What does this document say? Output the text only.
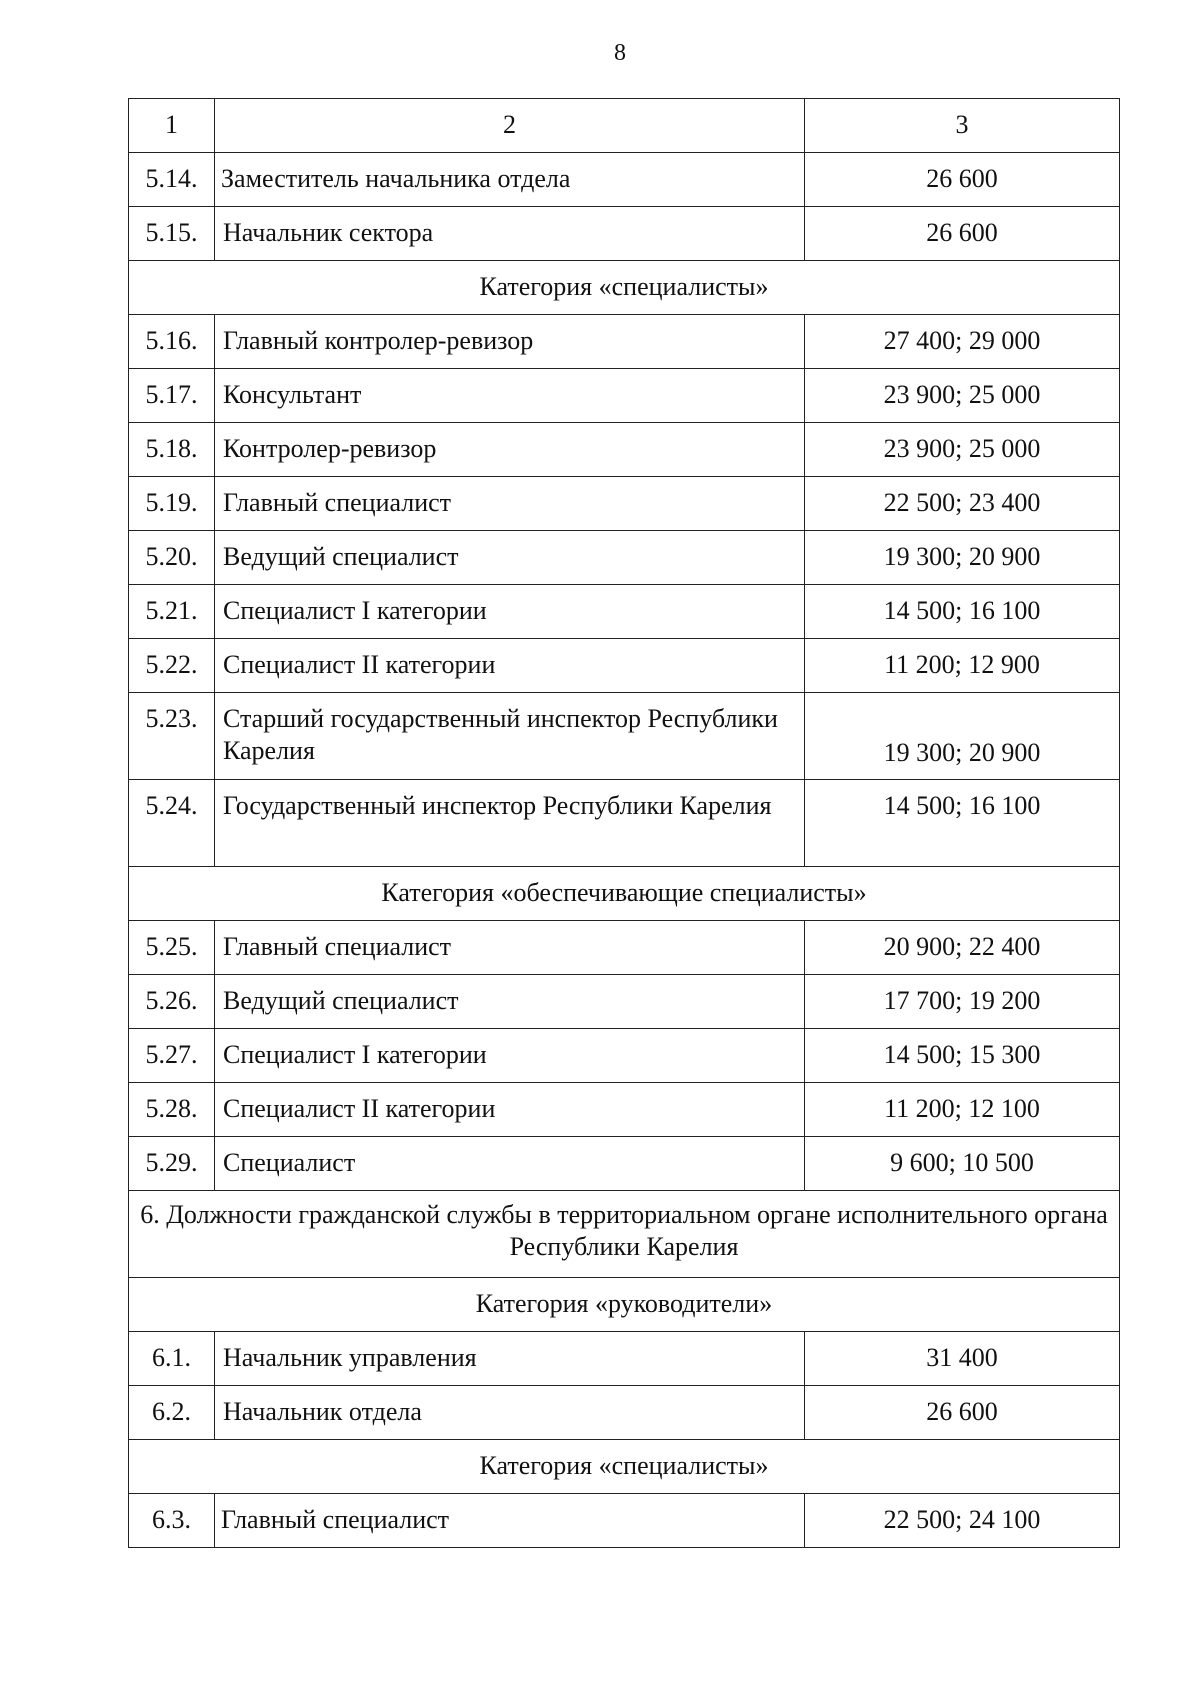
8
1	2	3
5.14.	Заместитель начальника отдела	26 600
5.15.	Начальник сектора	26 600
Категория «специалисты»		
5.16.	Главный контролер-ревизор	27 400; 29 000
5.17.	Консультант	23 900; 25 000
5.18.	Контролер-ревизор	23 900; 25 000
5.19.	Главный специалист	22 500; 23 400
5.20.	Ведущий специалист	19 300; 20 900
5.21.	Специалист I категории	14 500; 16 100
5.22.	Специалист II категории	11 200; 12 900
5.23.	Старший государственный инспектор Республики Карелия	19 300; 20 900
5.24.	Государственный инспектор Республики Карелия	14 500; 16 100
Категория «обеспечивающие специалисты»		
5.25.	Главный специалист	20 900; 22 400
5.26.	Ведущий специалист	17 700; 19 200
5.27.	Специалист I категории	14 500; 15 300
5.28.	Специалист II категории	11 200; 12 100
5.29.	Специалист	9 600; 10 500
6. Должности гражданской службы в территориальном органе исполнительного органа Республики Карелия		
Категория «руководители»		
6.1.	Начальник управления	31 400
6.2.	Начальник отдела	26 600
Категория «специалисты»		
6.3.	Главный специалист	22 500; 24 100
